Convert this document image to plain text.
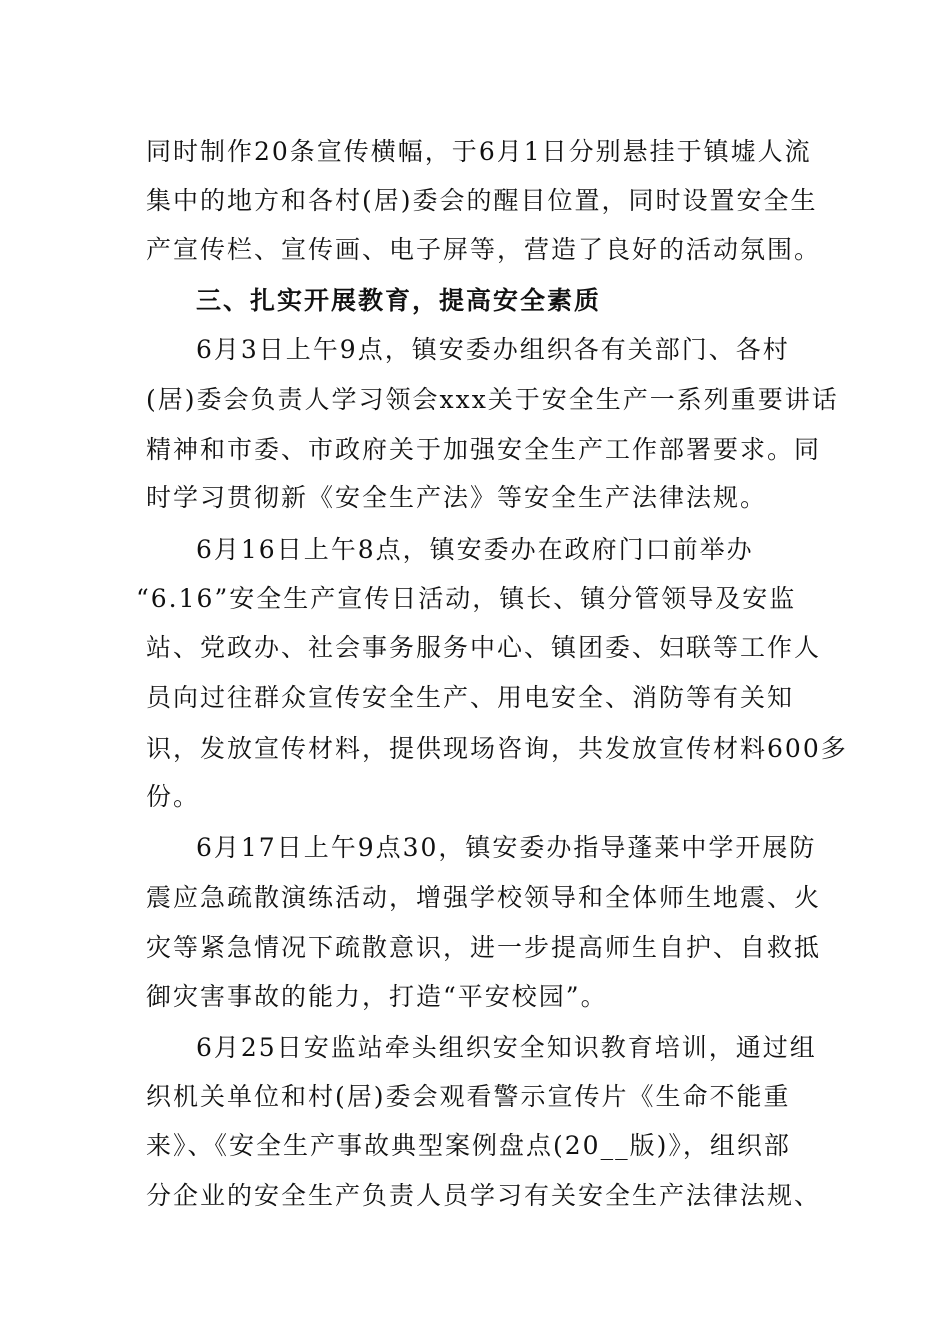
同时制作20条宣传横幅，于6月1日分别悬挂于镇墟人流
集中的地方和各村(居)委会的醒目位置，同时设置安全生
产宣传栏、宣传画、电子屏等，营造了良好的活动氛围。
三、扎实开展教育，提高安全素质
6月3日上午9点，镇安委办组织各有关部门、各村
(居)委会负责人学习领会xxx关于安全生产一系列重要讲话
精神和市委、市政府关于加强安全生产工作部署要求。同
时学习贯彻新《安全生产法》等安全生产法律法规。
6月16日上午8点，镇安委办在政府门口前举办
“6.16”安全生产宣传日活动，镇长、镇分管领导及安监
站、党政办、社会事务服务中心、镇团委、妇联等工作人
员向过往群众宣传安全生产、用电安全、消防等有关知
识，发放宣传材料，提供现场咨询，共发放宣传材料600多
份。
6月17日上午9点30，镇安委办指导蓬莱中学开展防
震应急疏散演练活动，增强学校领导和全体师生地震、火
灾等紧急情况下疏散意识，进一步提高师生自护、自救抵
御灾害事故的能力，打造“平安校园”。
6月25日安监站牵头组织安全知识教育培训，通过组
织机关单位和村(居)委会观看警示宣传片《生命不能重
来》、《安全生产事故典型案例盘点(20__版)》，组织部
分企业的安全生产负责人员学习有关安全生产法律法规、
